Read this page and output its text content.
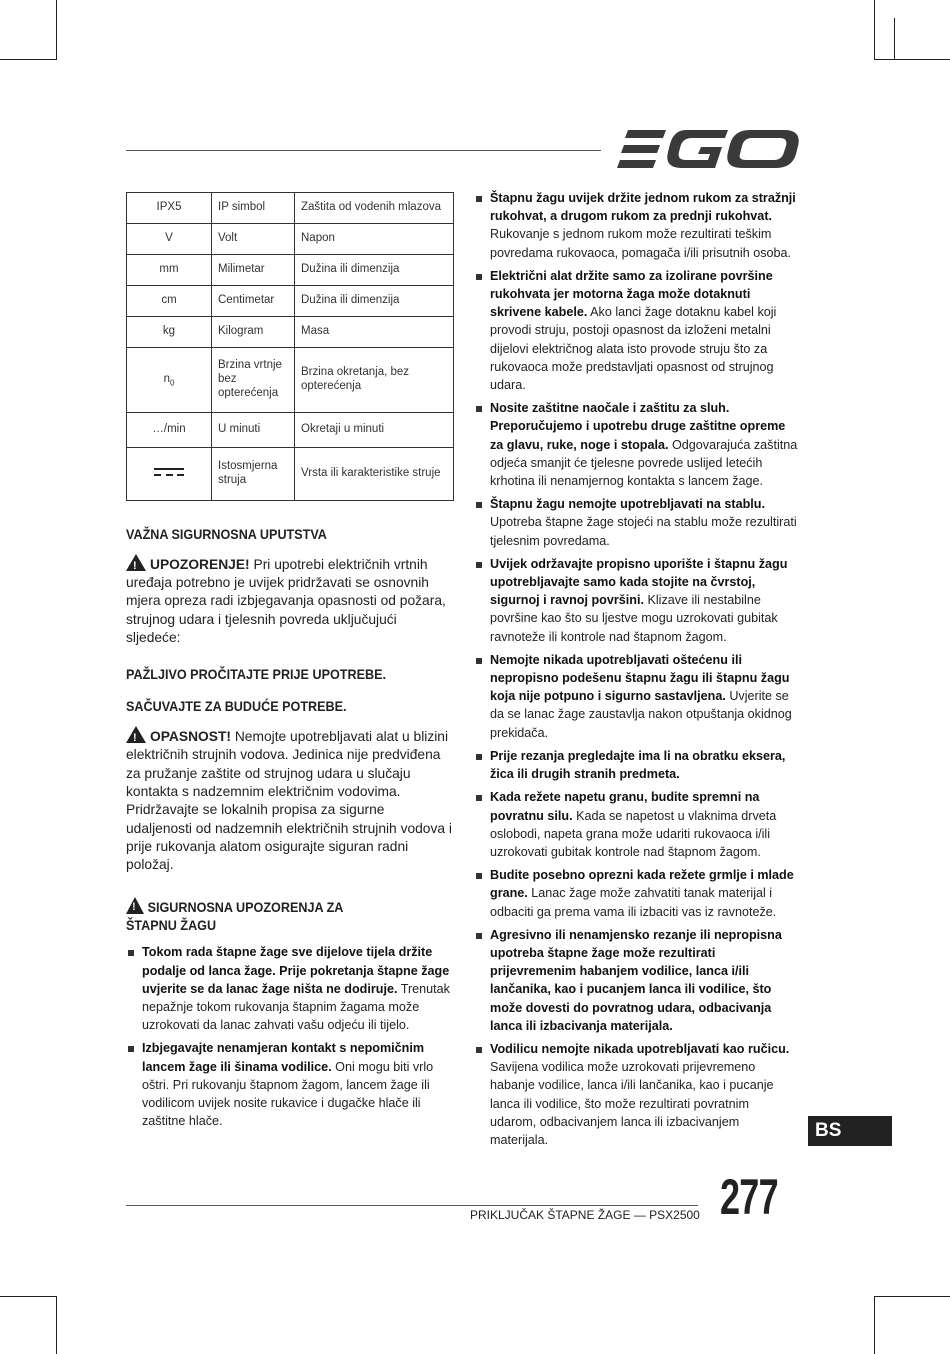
IPX5	IP simbol	Zaštita od vodenih mlazova
V	Volt	Napon
mm	Milimetar	Dužina ili dimenzija
cm	Centimetar	Dužina ili dimenzija
kg	Kilogram	Masa
$n_0$	Brzina vrtnje bez opterećenja	Brzina okretanja, bez opterećenja
…/min	U minuti	Okretaji u minuti

	Istosmjerna struja	Vrsta ili karakteristike struje
VAŽNA SIGURNOSNA UPUTSTVA

!UPOZORENJE! Pri upotrebi električnih vrtnih uređaja potrebno je uvijek pridržavati se osnovnih mjera opreza radi izbjegavanja opasnosti od požara, strujnog udara i tjelesnih povreda uključujući sljedeće:

PAŽLJIVO PROČITAJTE PRIJE UPOTREBE.
SAČUVAJTE ZA BUDUĆE POTREBE.

!OPASNOST! Nemojte upotrebljavati alat u blizini električnih strujnih vodova. Jedinica nije predviđena za pružanje zaštite od strujnog udara u slučaju kontakta s nadzemnim električnim vodovima. Pridržavajte se lokalnih propisa za sigurne udaljenosti od nadzemnih električnih strujnih vodova i prije rukovanja alatom osigurajte siguran radni položaj.

!SIGURNOSNA UPOZORENJA ZA ŠTAPNU ŽAGU
Tokom rada štapne žage sve dijelove tijela držite podalje od lanca žage. Prije pokretanja štapne žage uvjerite se da lanac žage ništa ne dodiruje. Trenutak nepažnje tokom rukovanja štapnim žagama može uzrokovati da lanac zahvati vašu odjeću ili tijelo.
Izbjegavajte nenamjeran kontakt s nepomičnim lancem žage ili šinama vodilice. Oni mogu biti vrlo oštri. Pri rukovanju štapnom žagom, lancem žage ili vodilicom uvijek nosite rukavice i dugačke hlače ili zaštitne hlače.
Štapnu žagu uvijek držite jednom rukom za stražnji rukohvat, a drugom rukom za prednji rukohvat. Rukovanje s jednom rukom može rezultirati teškim povredama rukovaoca, pomagača i/ili prisutnih osoba.
Električni alat držite samo za izolirane površine rukohvata jer motorna žaga može dotaknuti skrivene kabele. Ako lanci žage dotaknu kabel koji provodi struju, postoji opasnost da izloženi metalni dijelovi električnog alata isto provode struju što za rukovaoca može predstavljati opasnost od strujnog udara.
Nosite zaštitne naočale i zaštitu za sluh. Preporučujemo i upotrebu druge zaštitne opreme za glavu, ruke, noge i stopala. Odgovarajuća zaštitna odjeća smanjit će tjelesne povrede uslijed letećih krhotina ili nenamjernog kontakta s lancem žage.
Štapnu žagu nemojte upotrebljavati na stablu. Upotreba štapne žage stojeći na stablu može rezultirati tjelesnim povredama.
Uvijek održavajte propisno uporište i štapnu žagu upotrebljavajte samo kada stojite na čvrstoj, sigurnoj i ravnoj površini. Klizave ili nestabilne površine kao što su ljestve mogu uzrokovati gubitak ravnoteže ili kontrole nad štapnom žagom.
Nemojte nikada upotrebljavati oštećenu ili nepropisno podešenu štapnu žagu ili štapnu žagu koja nije potpuno i sigurno sastavljena. Uvjerite se da se lanac žage zaustavlja nakon otpuštanja okidnog prekidača.
Prije rezanja pregledajte ima li na obratku eksera, žica ili drugih stranih predmeta.
Kada režete napetu granu, budite spremni na povratnu silu. Kada se napetost u vlaknima drveta oslobodi, napeta grana može udariti rukovaoca i/ili uzrokovati gubitak kontrole nad štapnom žagom.
Budite posebno oprezni kada režete grmlje i mlade grane. Lanac žage može zahvatiti tanak materijal i odbaciti ga prema vama ili izbaciti vas iz ravnoteže.
Agresivno ili nenamjensko rezanje ili nepropisna upotreba štapne žage može rezultirati prijevremenim habanjem vodilice, lanca i/ili lančanika, kao i pucanjem lanca ili vodilice, što može dovesti do povratnog udara, odbacivanja lanca ili izbacivanja materijala.
Vodilicu nemojte nikada upotrebljavati kao ručicu. Savijena vodilica može uzrokovati prijevremeno habanje vodilice, lanca i/ili lančanika, kao i pucanje lanca ili vodilice, što može rezultirati povratnim udarom, odbacivanjem lanca ili izbacivanjem materijala.	BS
PRIKLJUČAK ŠTAPNE ŽAGE — PSX2500 277
